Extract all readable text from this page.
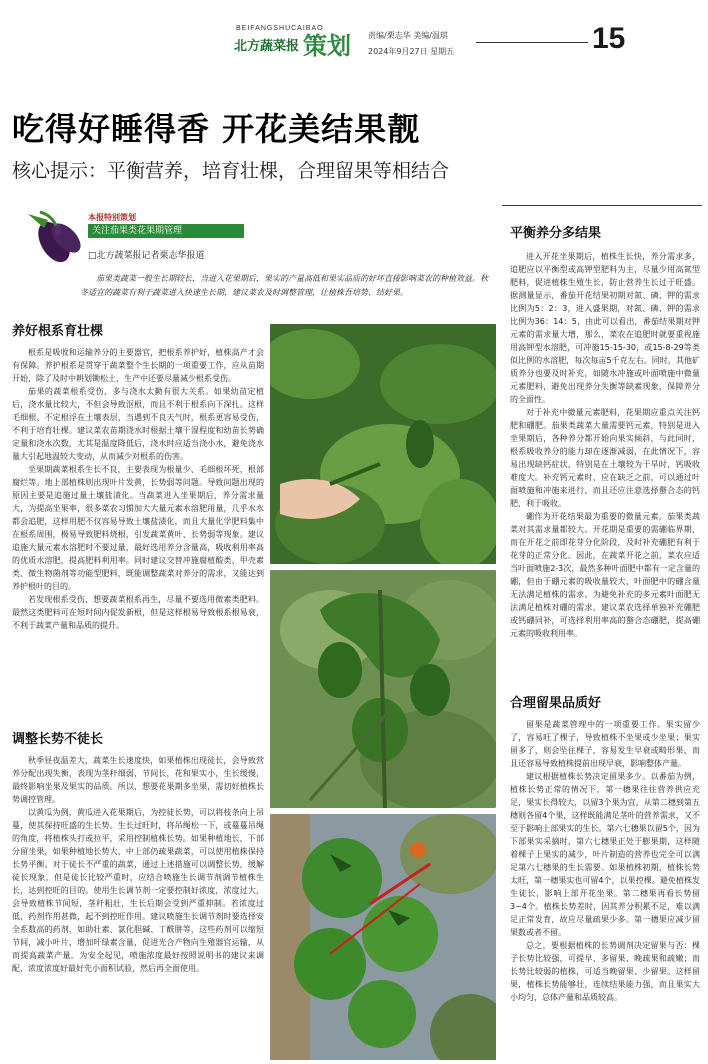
BEIFANGSHUCAIBAO
北方蔬菜报 策划 责编/栗志华 美编/温琪
2024年9月27日 星期五	15
吃得好睡得香 开花美结果靓
核心提示：平衡营养，培育壮棵，合理留果等相结合
本报特别策划
关注茄果类花果期管理
□北方蔬菜报记者栗志华报道
茄果类蔬菜一般生长期较长，当进入花果期后，果实的产量高低和果实品质的好坏直接影响菜农的种植效益。秋冬适宜的蔬菜有利于蔬菜进入快速生长期，建议菜农及时调整管理，让植株吾培势、结好果。
养好根系育壮棵

根系是吸收和运输养分的主要器官，把根系养护好，植株高产才会有保障。养护根系是贯穿于蔬菜整个生长期的一项重要工作，应从苗期开始，除了及时中耕划锄松土，生产中还要尽量减少根系受伤。

茄果的蔬菜根系受伤，多与浇水太勤有很大关系。如果幼苗定植后，浇水量比较大，不但会导致沤根，而且不利于根系向下深扎。这样毛细根、不定根浮在土壤表层，当遇到不良天气时，根系更容易受伤，不利于培育壮棵。建议菜农苗期浇水时根据土壤干湿程度和幼苗长势确定量和浇水次数，尤其是温度降低后，浇水时应适当浇小水，避免浇水量大引起地温较大变动，从而减少对根系的伤害。

坐果期蔬菜根系生长不良，主要表现为根量少、毛细根坏死，根部腐烂等。地上部植株则出现叶片发黄，长势弱等问题。导致问题出现的原因主要是追施过量土壤盐渍化。当蔬菜进入坐果期后，养分需求量大，为提高坐果率，很多菜农习惯加大大量元素水溶肥用量，几乎水水都会追肥，这样用肥不仅容易导致土壤盐渍化，而且大量化学肥料集中在根系周围，极易导致肥料烧根，引发蔬菜黄叶、长势弱等现象。建议追施大量元素水溶肥时不要过量，最好选用养分含量高，吸收利用率高的优质水溶肥，提高肥料利用率。同时建议交替冲施腐植酸类、甲壳素类、微生物菌剂等功能型肥料，既能调整蔬菜对养分的需求，又能达到养护根叶的目的。

若发现根系受伤，想要蔬菜根系再生，尽量不要选用微素类肥料。最然这类肥料可在短时间内促发新根，但是这样根易导致根系根易衰，不利于蔬菜产量和品质的提升。

调整长势不徒长

秋季昼夜温差大，蔬菜生长速度快，如果植株出现徒长，会导致营养分配出现失衡，表现为茎秆细弱，节间长，花和果实小，生长缓慢，最终影响坐果及果实的品质。所以，想要花果期多坐果，需切好植株长势调控管理。

以黄瓜为例，黄瓜进入花果期后，为控徒长势，可以将枝条向上吊蔓，使其保持旺盛的生长势。生长过旺时，将吊绳松一下，或蔓蔓吊绳的角度，将植株头打或拉平，采用控制植株长势。如果种植地长，下部分留坐果，如果种植地长势大，中上部仍疏果蔬菜，可以使用植株保持长势平衡。对于徒长不严重的蔬菜，通过上述措施可以调整长势，缓解徒长现象，但是徒长比较严重时，应结合喷施生长调节剂调节植株生长，达到控旺的目的。使用生长调节剂一定要控制好浓度，浓度过大，会导致植株节间短，茎秆粗壮，生长后期会受到严重抑制。若浓度过低，药剂作用甚微，起不到控旺作用。建议喷施生长调节剂时要选择安全系数高的药剂，如助壮素、氯化胆碱、丁酰肼等，这些药剂可以缩短节间，减小叶片，增加叶绿素含量，促进光合产物向生殖器官运输，从而提高蔬菜产量。为安全起见，喷施浓度最好按照说明书的建议来调配，浓度浓度好最好先小面积试验，然后再全面使用。

平衡养分多结果

进入开花坐果期后，植株生长快，养分需求多，追肥应以平衡型或高钾型肥料为主，尽量少用高氮型肥料，促进植株生殖生长，防止营养生长过于旺盛。据测量显示，番茄开花结果初期对氮、磷、钾的需求比例为5：2：3，进入盛果期，对氮、磷、钾的需求比例为36：14：5，由此可以看出，番茄结果期对钾元素的需求量大增，那么，菜农在追肥时就要重视施用高钾型水溶肥，可冲施15-15-30，或15-8-29等类似比例的水溶肥，每次每亩5千克左右。同时，其他矿质养分也要及时补充，如随水冲施或叶面喷施中微量元素肥料，避免出现养分失衡等缺素现象，保障养分的全面性。

对于补充中微量元素肥料，花果期应重点关注钙肥和硼肥。茄果类蔬菜大量需要钙元素，特别是进入坐果期后，各种养分都开始向果实倾斜，与此同时，根系吸收养分的能力却在逐渐减弱，在此情况下，容易出现缺钙症状，特别是在土壤较为干旱时，钙吸收难度大。补充钙元素时，应在缺乏之前，可以通过叶面喷施和冲施来进行，而且还应注意选择螯合态的钙肥，利于吸收。

硼作为开花结果最为重要的微量元素，茄果类蔬菜对其需求量都较大。开花期是重要的需硼临界期，而在开花之前即花芽分化阶段，及时补充硼肥有利于花芽的正常分化。因此，在蔬菜开花之前，菜农应适当叶面喷施2-3次，最然多种叶面肥中都有一定含量的硼，但由于硼元素的吸收量较大，叶面肥中的硼含量无法满足植株的需求。为避免补充的多元素叶面肥无法满足植株对硼的需求，建议菜农选择单独补充硼肥或钙硼同补，可选择利用率高的螯合态硼肥，提高硼元素的吸收利用率。

合理留果品质好

留果是蔬菜管理中的一项重要工作。果实留少了，容易旺了棵子，导致植株不坐果或少坐果；果实留多了，则会坠住棵子，容易发生早衰或畸形果，而且还容易导致植株提前出现早衰，影响整体产量。

建议根据植株长势决定留果多少。以番茄为例，植株长势正常的情况下，第一穗果往往营养供应充足，果实长得较大，以留3个果为宜，从第二穗到第五穗则各留4个果，这样既能满足茎叶的营养需求，又不至于影响上部果实的生长。第六七穗果以留5个，因为下部果实采摘时，第六七穗果正处于膨果期，这样随着棵子上果实的减少，叶片制造的营养也完全可以满足第六七穗果的生长需要。如果植株初期，植株长势太旺，第一穗果实也可留4个，以果控棵。避免植株发生徒长，影响上部开花坐果。第二穗果再看长势留3~4个。植株长势差时，因其养分积累不足，难以满足正常发育，故应尽量疏果少多。第一穗果应减少留果数或者不留。

总之，要根据植株的长势调剂决定留果与否：棵子长势比较强，可提早、多留果、晚疏果和疏嫩；而长势比较弱的植株，可适当晚留果、少留果。这样留果，植株长势能够壮，连续结果能力强，而且果实大小均匀，总体产量和品质较高。
